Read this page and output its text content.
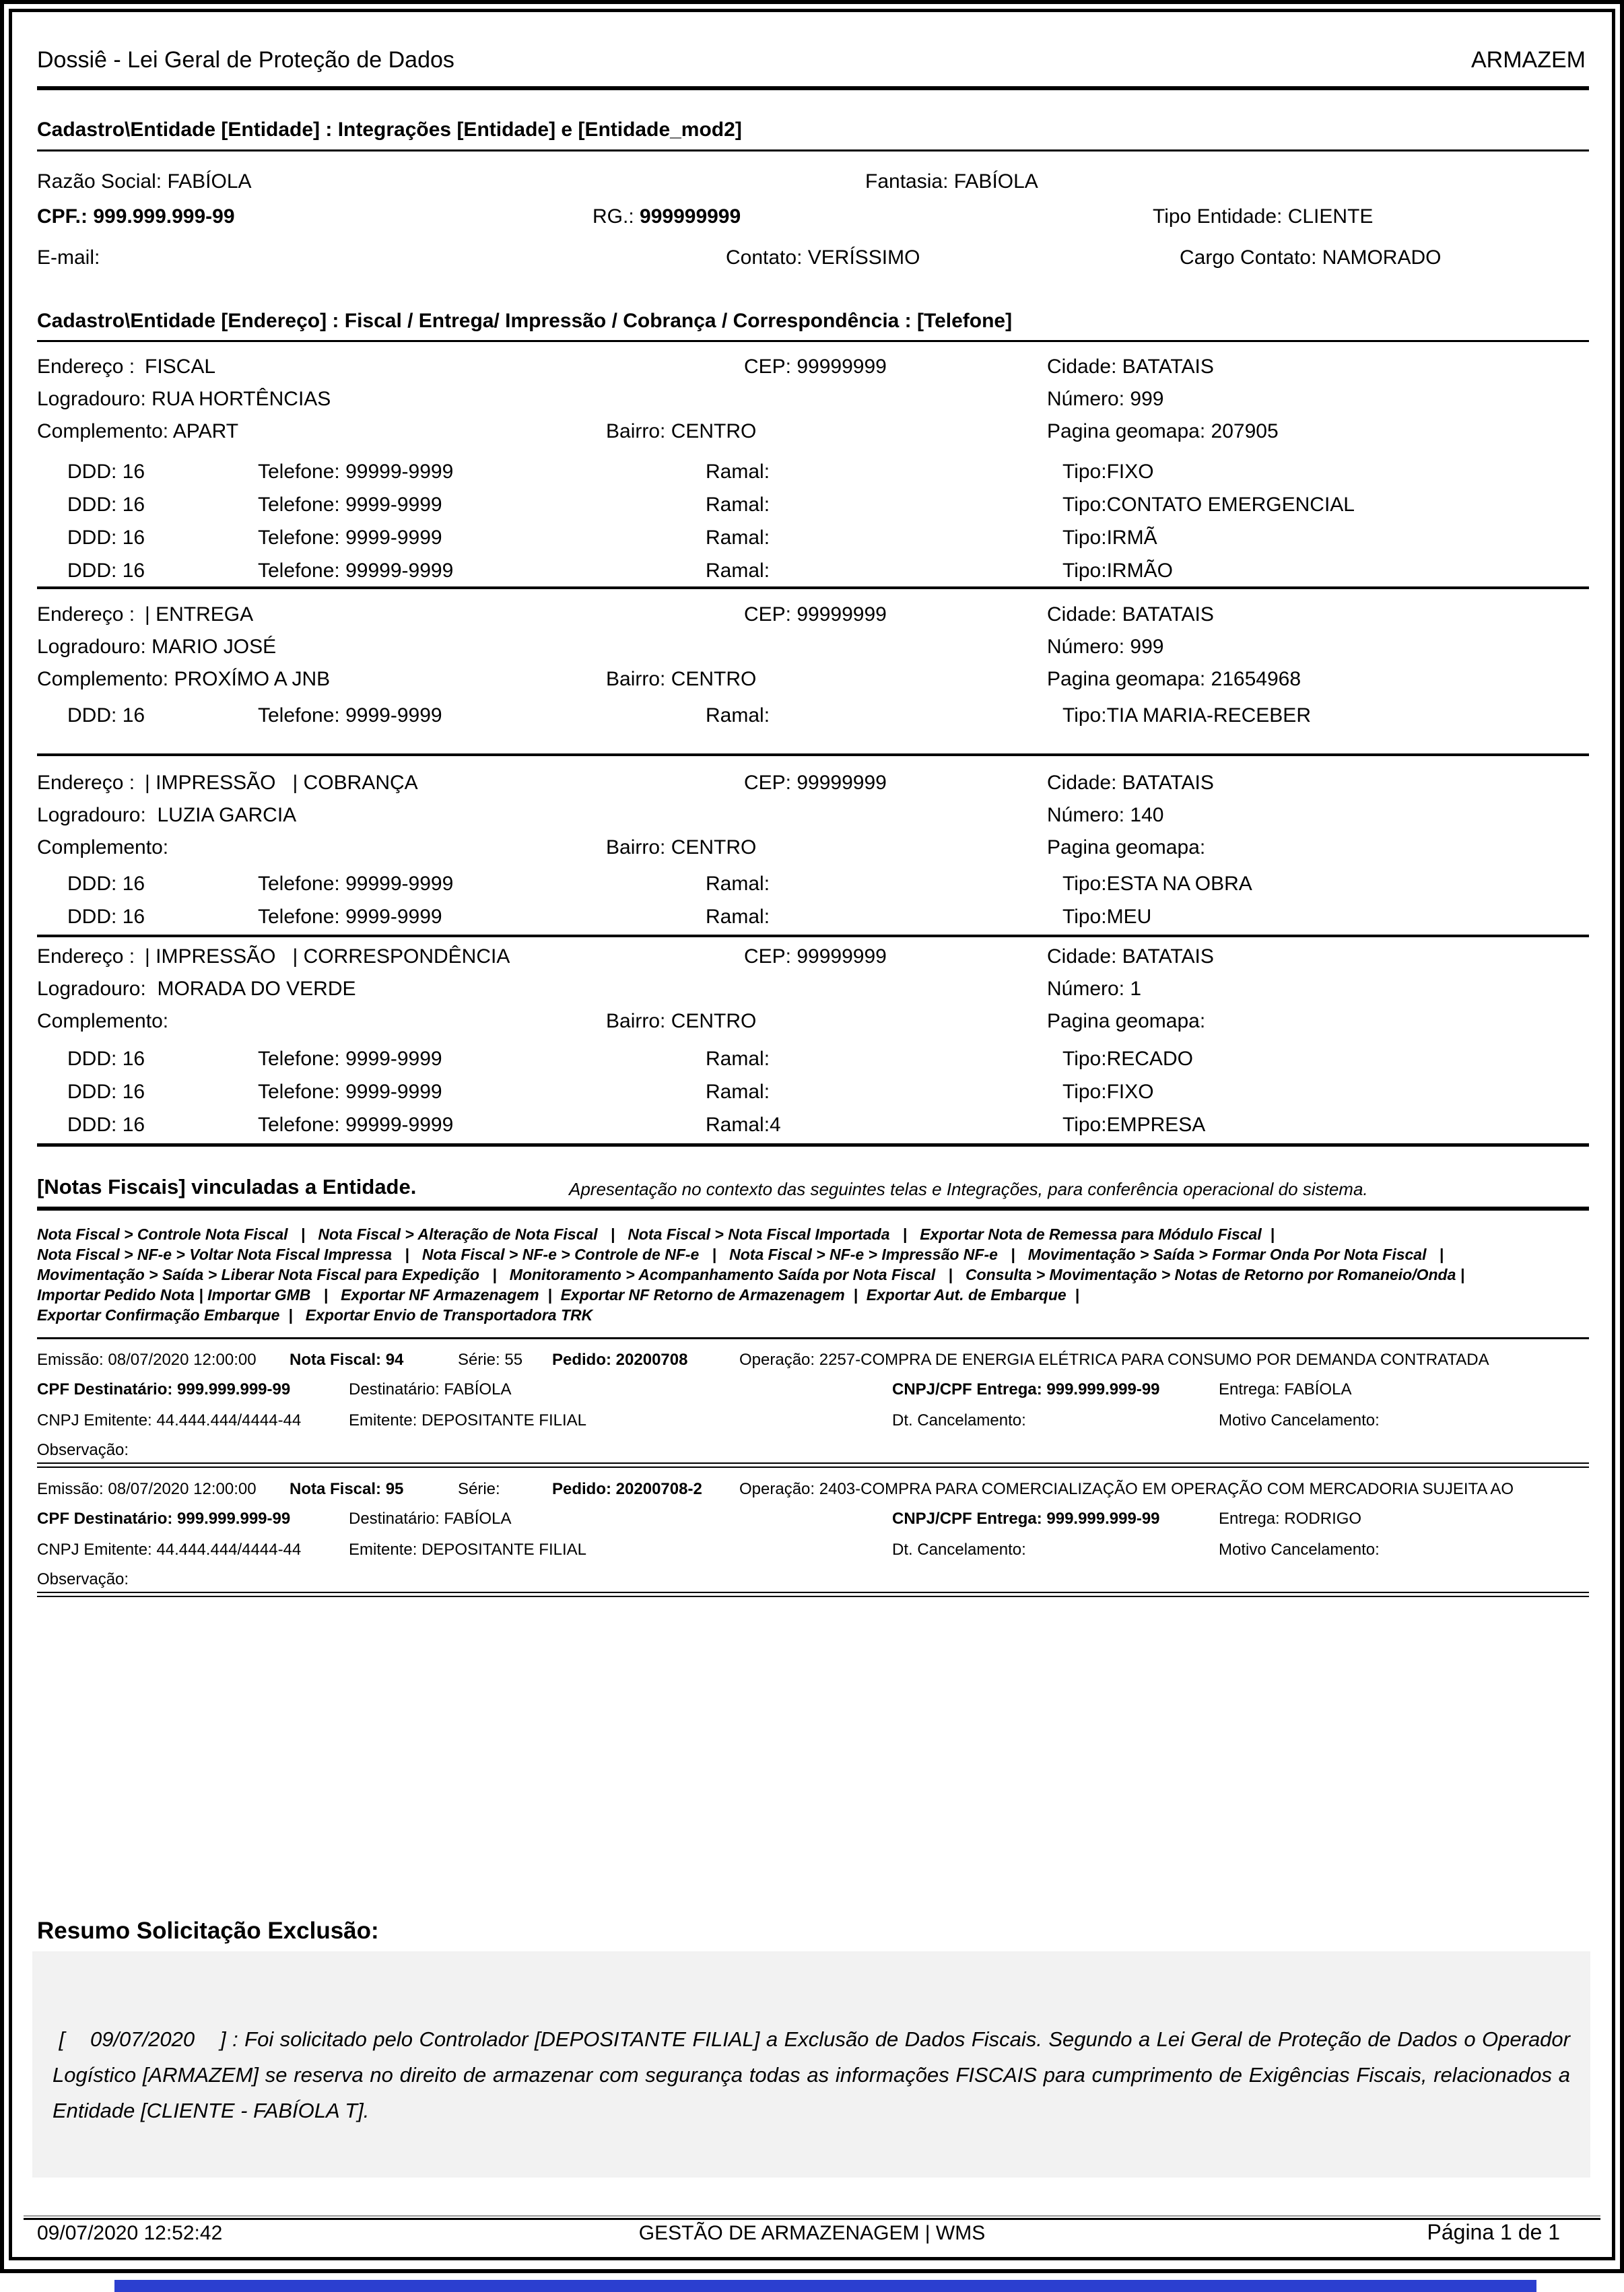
Dossiê - Lei Geral de Proteção de Dados	ARMAZEM
Cadastro\Entidade [Entidade] : Integrações [Entidade] e [Entidade_mod2]
Razão Social: FABÍOLA	Fantasia: FABÍOLA
CPF.: 999.999.999-99	RG.: 999999999	Tipo Entidade: CLIENTE
E-mail:	Contato: VERÍSSIMO	Cargo Contato: NAMORADO
Cadastro\Entidade [Endereço] : Fiscal / Entrega/ Impressão / Cobrança / Correspondência : [Telefone]
Endereço : FISCAL	CEP: 99999999	Cidade: BATATAIS
Logradouro: RUA HORTÊNCIAS	Número: 999
Complemento: APART	Bairro: CENTRO	Pagina geomapa: 207905
DDD: 16	Telefone: 99999-9999	Ramal:	Tipo:FIXO
DDD: 16	Telefone: 9999-9999	Ramal:	Tipo:CONTATO EMERGENCIAL
DDD: 16	Telefone: 9999-9999	Ramal:	Tipo:IRMÃ
DDD: 16	Telefone: 99999-9999	Ramal:	Tipo:IRMÃO
Endereço : | ENTREGA	CEP: 99999999	Cidade: BATATAIS
Logradouro: MARIO JOSÉ	Número: 999
Complemento: PROXÍMO A JNB	Bairro: CENTRO	Pagina geomapa: 21654968
DDD: 16	Telefone: 9999-9999	Ramal:	Tipo:TIA MARIA-RECEBER
Endereço : | IMPRESSÃO   | COBRANÇA	CEP: 99999999	Cidade: BATATAIS
Logradouro: LUZIA GARCIA	Número: 140
Complemento:	Bairro: CENTRO	Pagina geomapa:
DDD: 16	Telefone: 99999-9999	Ramal:	Tipo:ESTA NA OBRA
DDD: 16	Telefone: 9999-9999	Ramal:	Tipo:MEU
Endereço : | IMPRESSÃO   | CORRESPONDÊNCIA	CEP: 99999999	Cidade: BATATAIS
Logradouro: MORADA DO VERDE	Número: 1
Complemento:	Bairro: CENTRO	Pagina geomapa:
DDD: 16	Telefone: 9999-9999	Ramal:	Tipo:RECADO
DDD: 16	Telefone: 9999-9999	Ramal:	Tipo:FIXO
DDD: 16	Telefone: 99999-9999	Ramal:4	Tipo:EMPRESA
[Notas Fiscais] vinculadas a Entidade.	Apresentação no contexto das seguintes telas e Integrações, para conferência operacional do sistema.
Nota Fiscal > Controle Nota Fiscal   |   Nota Fiscal > Alteração de Nota Fiscal   |   Nota Fiscal > Nota Fiscal Importada   |   Exportar Nota de Remessa para Módulo Fiscal  |
Nota Fiscal > NF-e > Voltar Nota Fiscal Impressa   |   Nota Fiscal > NF-e > Controle de NF-e   |   Nota Fiscal > NF-e > Impressão NF-e   |   Movimentação > Saída > Formar Onda Por Nota Fiscal   |
Movimentação > Saída > Liberar Nota Fiscal para Expedição   |   Monitoramento > Acompanhamento Saída por Nota Fiscal   |   Consulta > Movimentação > Notas de Retorno por Romaneio/Onda |
Importar Pedido Nota | Importar GMB   |   Exportar NF Armazenagem  |  Exportar NF Retorno de Armazenagem  |  Exportar Aut. de Embarque  |
Exportar Confirmação Embarque  |   Exportar Envio de Transportadora TRK
Emissão: 08/07/2020 12:00:00 Nota Fiscal: 94	Série: 55 Pedido: 20200708	Operação: 2257-COMPRA DE ENERGIA ELÉTRICA PARA CONSUMO POR DEMANDA CONTRATADA
CPF Destinatário: 999.999.999-99	Destinatário: FABÍOLA	CNPJ/CPF Entrega: 999.999.999-99	Entrega: FABÍOLA
CNPJ Emitente: 44.444.444/4444-44	Emitente: DEPOSITANTE FILIAL	Dt. Cancelamento:	Motivo Cancelamento:
Observação:
Emissão: 08/07/2020 12:00:00 Nota Fiscal: 95	Série:	Pedido: 20200708-2 Operação: 2403-COMPRA PARA COMERCIALIZAÇÃO EM OPERAÇÃO COM MERCADORIA SUJEITA AO
CPF Destinatário: 999.999.999-99	Destinatário: FABÍOLA	CNPJ/CPF Entrega: 999.999.999-99	Entrega: RODRIGO
CNPJ Emitente: 44.444.444/4444-44	Emitente: DEPOSITANTE FILIAL	Dt. Cancelamento:	Motivo Cancelamento:
Observação:
Resumo Solicitação Exclusão:
[    09/07/2020    ] : Foi solicitado pelo Controlador [DEPOSITANTE FILIAL] a Exclusão de Dados Fiscais. Segundo a Lei Geral de Proteção de Dados o Operador Logístico [ARMAZEM] se reserva no direito de armazenar com segurança todas as informações FISCAIS para cumprimento de Exigências Fiscais, relacionados a Entidade [CLIENTE - FABÍOLA T].
09/07/2020 12:52:42	GESTÃO DE ARMAZENAGEM | WMS	Página 1 de 1
